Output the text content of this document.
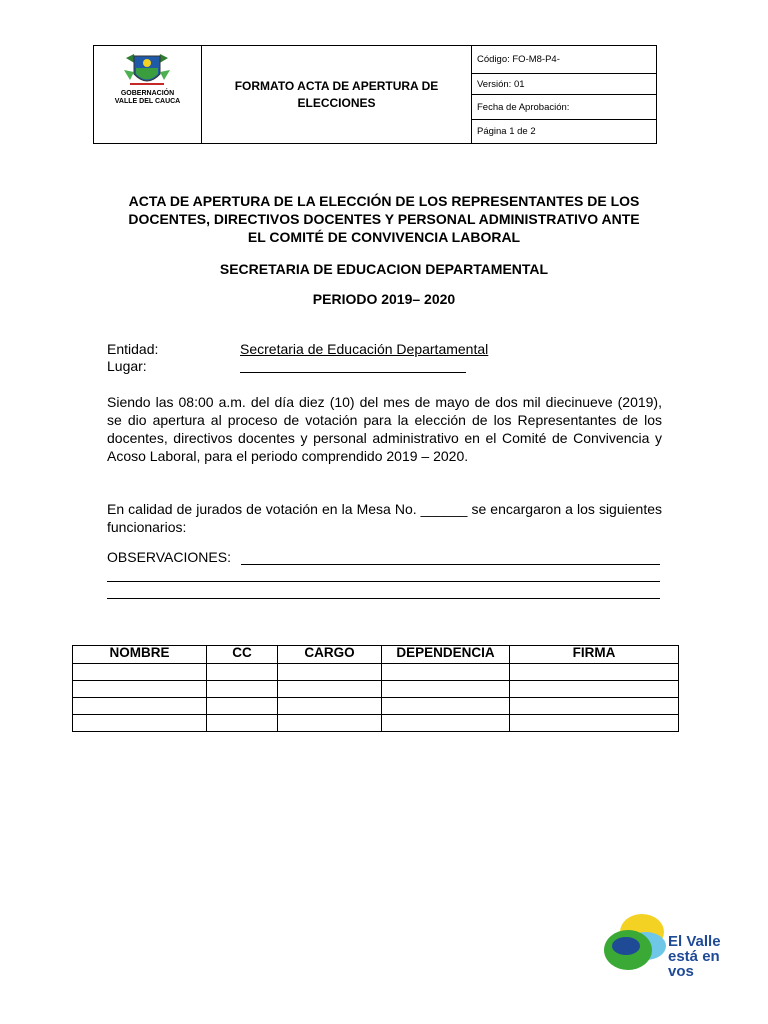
GOBERNACIÓN
VALLE DEL CAUCA
FORMATO ACTA DE APERTURA DE ELECCIONES
Código: FO-M8-P4-
Versión: 01
Fecha de Aprobación:
Página 1 de 2
ACTA DE APERTURA DE LA ELECCIÓN DE LOS REPRESENTANTES DE LOS
DOCENTES, DIRECTIVOS DOCENTES Y PERSONAL ADMINISTRATIVO ANTE
EL COMITÉ DE CONVIVENCIA LABORAL
SECRETARIA DE EDUCACION DEPARTAMENTAL
PERIODO 2019– 2020
Entidad:	Secretaria de Educación Departamental
Lugar:
Siendo las 08:00 a.m. del día diez (10) del mes de mayo de dos mil diecinueve (2019), se dio apertura al proceso de votación para la elección de los Representantes de los docentes, directivos docentes y personal administrativo en el Comité de Convivencia y Acoso Laboral, para el periodo comprendido 2019 – 2020.
En calidad de jurados de votación en la Mesa No. ______ se encargaron a los siguientes funcionarios:
OBSERVACIONES:
NOMBRE	CC	CARGO	DEPENDENCIA	FIRMA

El Valle
está en
vos
